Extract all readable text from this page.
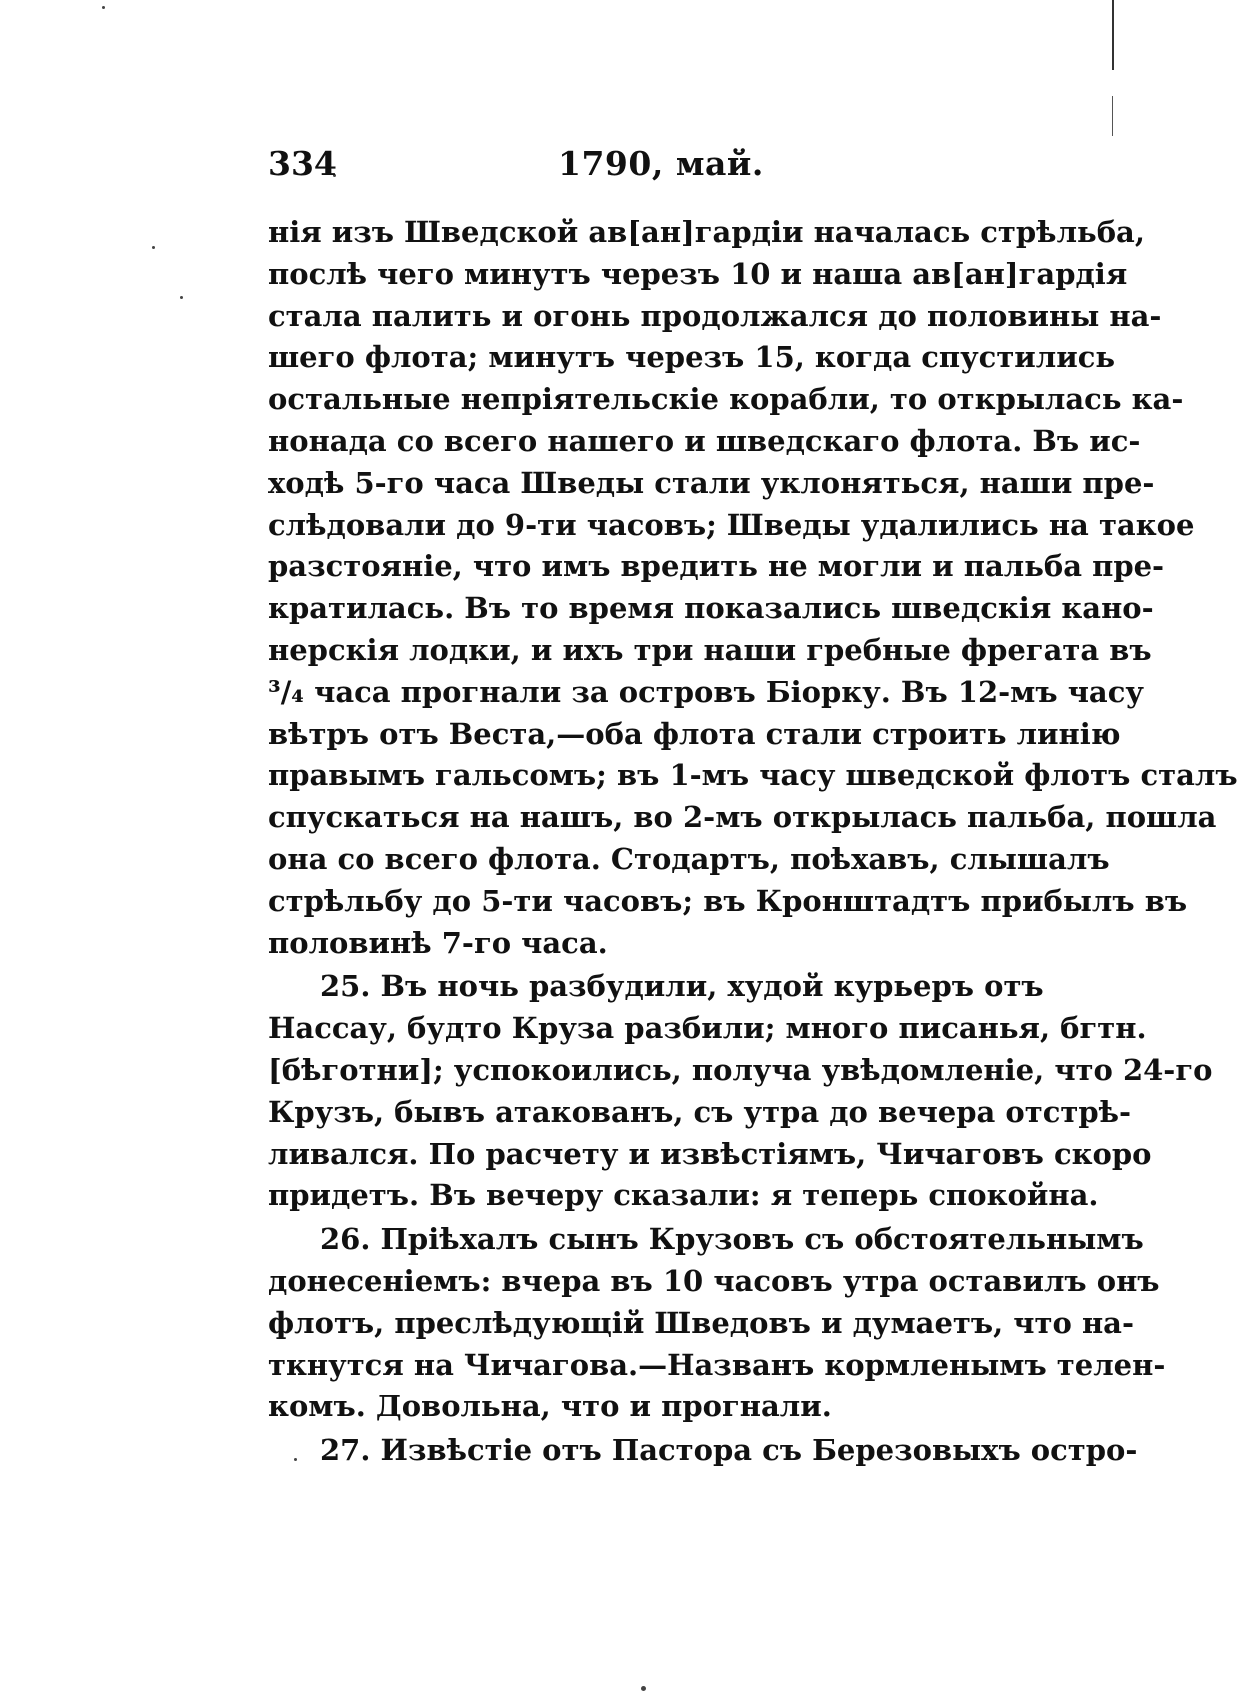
334	1790, май.
нія изъ Шведской ав[ан]гардіи началась стрѣльба,
послѣ чего минутъ черезъ 10 и наша ав[ан]гардія
стала палить и огонь продолжался до половины на-
шего флота; минутъ черезъ 15, когда спустились
остальные непріятельскіе корабли, то открылась ка-
нонада со всего нашего и шведскаго флота. Въ ис-
ходѣ 5-го часа Шведы стали уклоняться, наши пре-
слѣдовали до 9-ти часовъ; Шведы удалились на такое
разстояніе, что имъ вредить не могли и пальба пре-
кратилась. Въ то время показались шведскія кано-
нерскія лодки, и ихъ три наши гребные фрегата въ
³/₄ часа прогнали за островъ Біорку. Въ 12-мъ часу
вѣтръ отъ Веста,—оба флота стали строить линію
правымъ гальсомъ; въ 1-мъ часу шведской флотъ сталъ
спускаться на нашъ, во 2-мъ открылась пальба, пошла
она со всего флота. Стодартъ, поѣхавъ, слышалъ
стрѣльбу до 5-ти часовъ; въ Кронштадтъ прибылъ въ
половинѣ 7-го часа.
25. Въ ночь разбудили, худой курьеръ отъ
Нассау, будто Круза разбили; много писанья, бгтн.
[бѣготни]; успокоились, получа увѣдомленіе, что 24-го
Крузъ, бывъ атакованъ, съ утра до вечера отстрѣ-
ливался. По расчету и извѣстіямъ, Чичаговъ скоро
придетъ. Въ вечеру сказали: я теперь спокойна.
26. Пріѣхалъ сынъ Крузовъ съ обстоятельнымъ
донесеніемъ: вчера въ 10 часовъ утра оставилъ онъ
флотъ, преслѣдующій Шведовъ и думаетъ, что на-
ткнутся на Чичагова.—Названъ кормленымъ телен-
комъ. Довольна, что и прогнали.
27. Извѣстіе отъ Пастора съ Березовыхъ остро-
